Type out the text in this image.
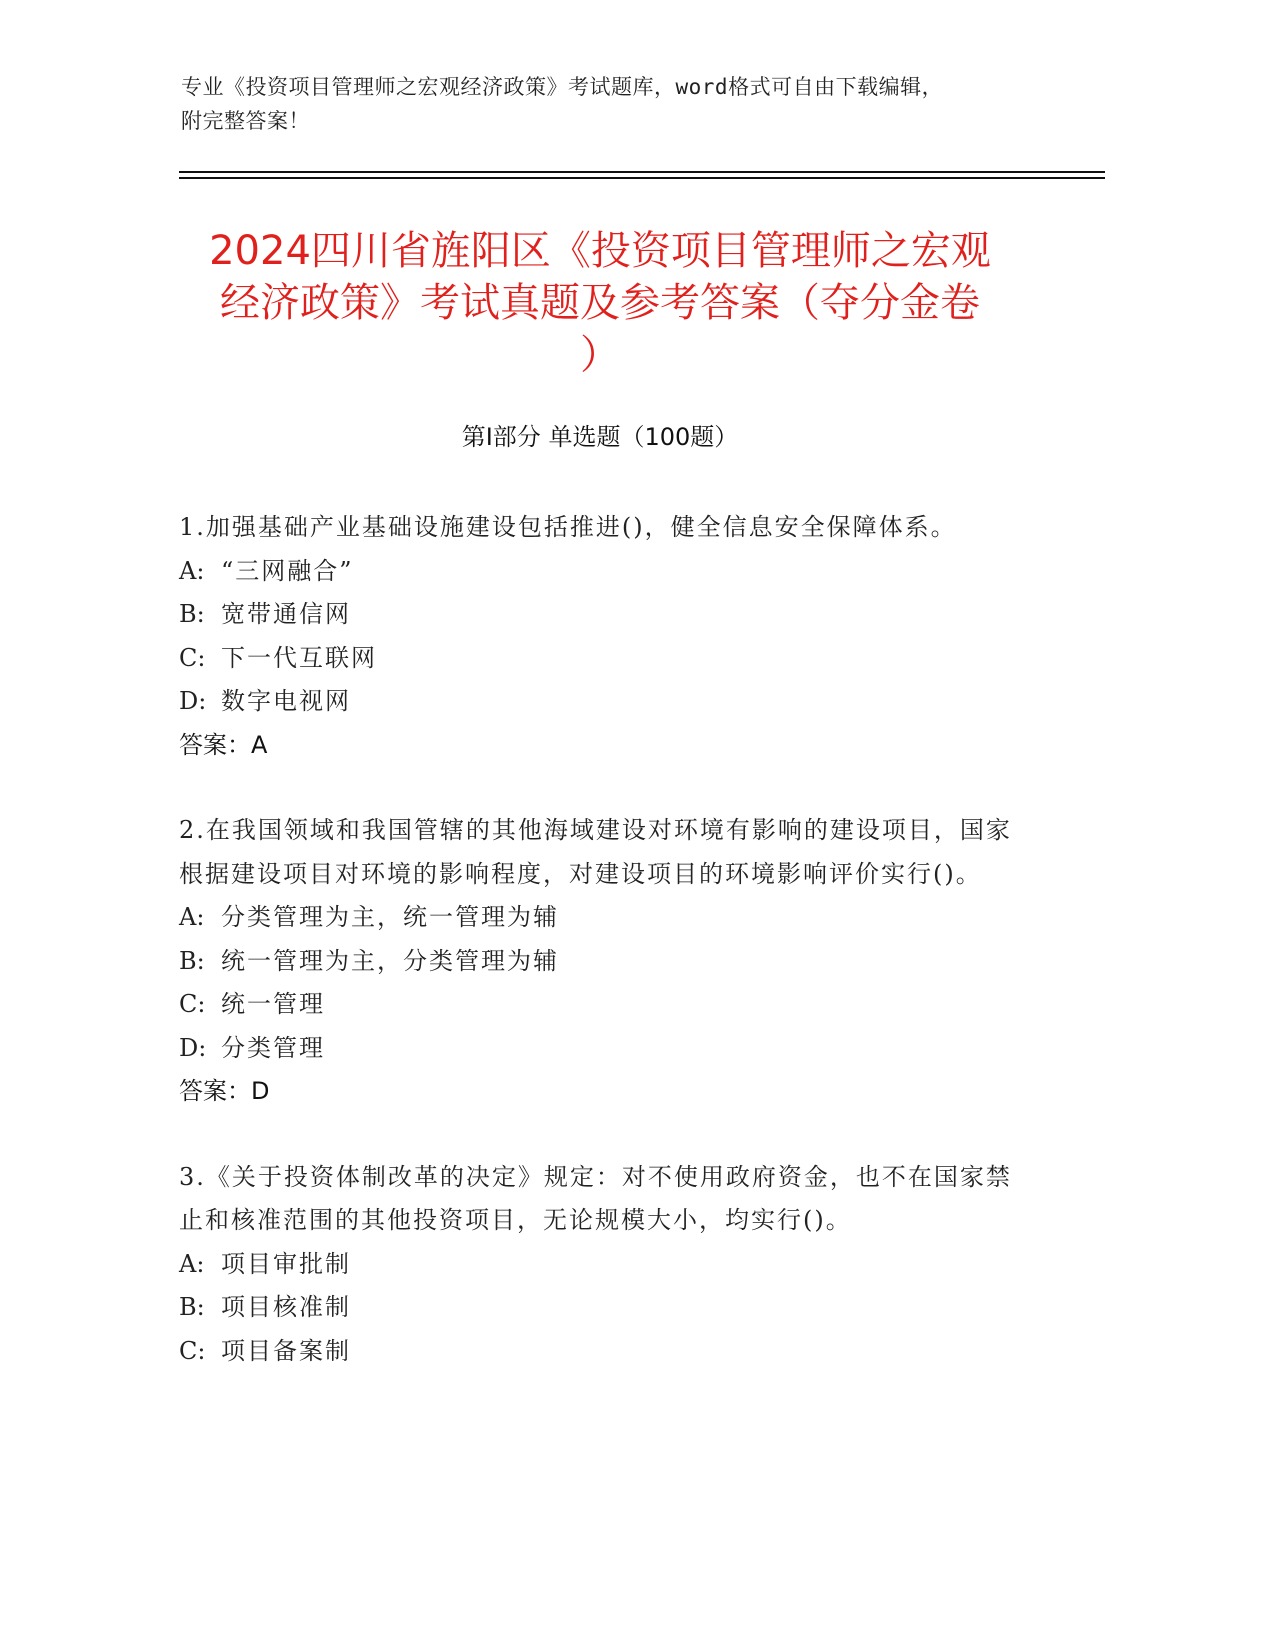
专业《投资项目管理师之宏观经济政策》考试题库，word格式可自由下载编辑，
附完整答案！
2024四川省旌阳区《投资项目管理师之宏观
经济政策》考试真题及参考答案（夺分金卷
）
第Ⅰ部分 单选题（100题）

1.加强基础产业基础设施建设包括推进()，健全信息安全保障体系。

A: “三网融合”

B: 宽带通信网

C: 下一代互联网

D: 数字电视网

答案：A

2.在我国领域和我国管辖的其他海域建设对环境有影响的建设项目，国家根据建设项目对环境的影响程度，对建设项目的环境影响评价实行()。

A: 分类管理为主，统一管理为辅

B: 统一管理为主，分类管理为辅

C: 统一管理

D: 分类管理

答案：D

3.《关于投资体制改革的决定》规定：对不使用政府资金，也不在国家禁止和核准范围的其他投资项目，无论规模大小，均实行()。

A: 项目审批制

B: 项目核准制

C: 项目备案制
